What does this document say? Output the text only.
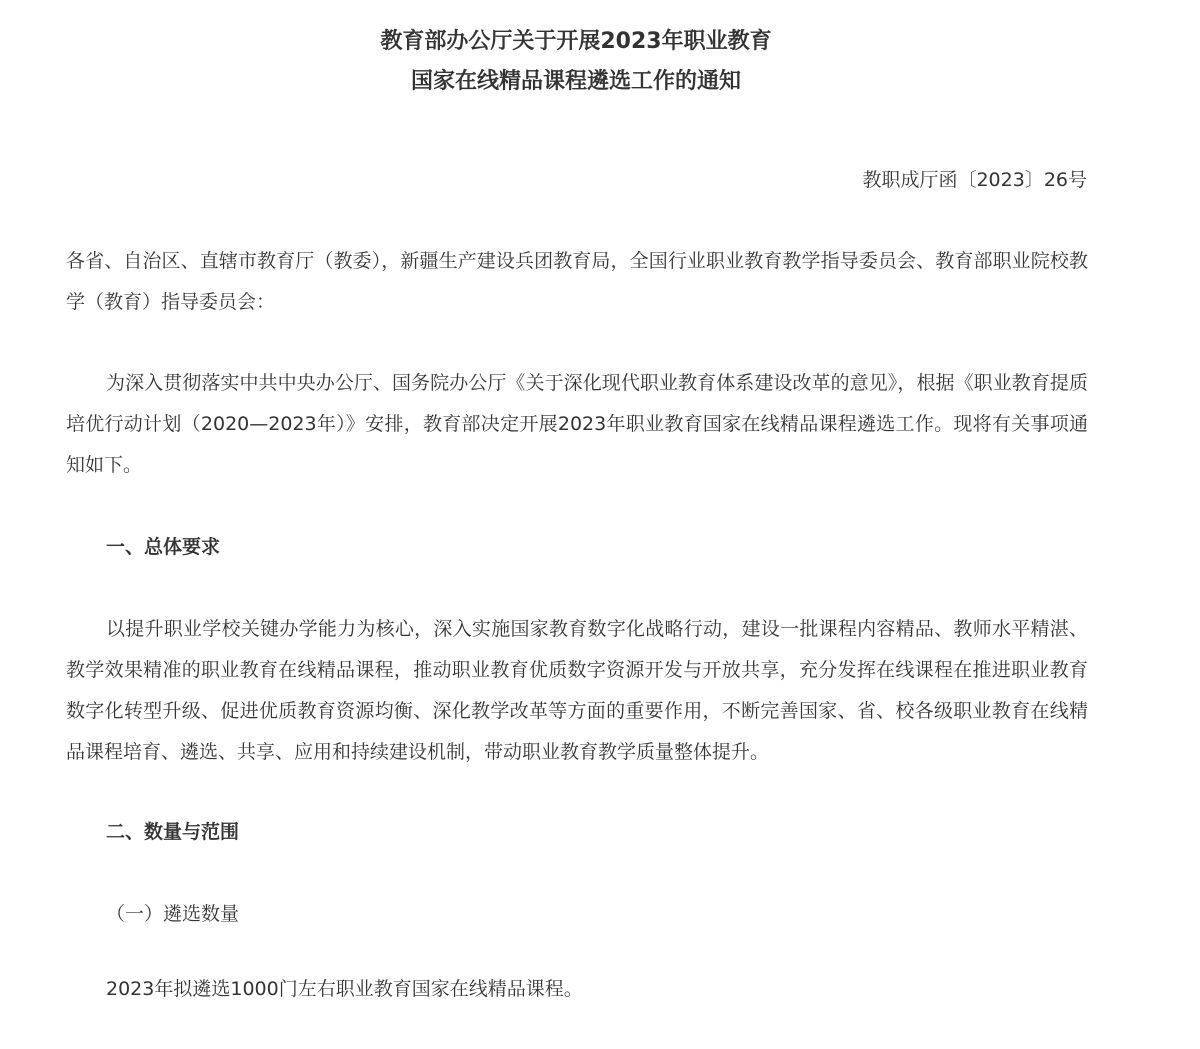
教育部办公厅关于开展2023年职业教育
国家在线精品课程遴选工作的通知
教职成厅函〔2023〕26号
各省、自治区、直辖市教育厅（教委），新疆生产建设兵团教育局，全国行业职业教育教学指导委员会、教育部职业院校教学（教育）指导委员会：
为深入贯彻落实中共中央办公厅、国务院办公厅《关于深化现代职业教育体系建设改革的意见》，根据《职业教育提质培优行动计划（2020—2023年）》安排，教育部决定开展2023年职业教育国家在线精品课程遴选工作。现将有关事项通知如下。
一、总体要求
以提升职业学校关键办学能力为核心，深入实施国家教育数字化战略行动，建设一批课程内容精品、教师水平精湛、教学效果精准的职业教育在线精品课程，推动职业教育优质数字资源开发与开放共享，充分发挥在线课程在推进职业教育数字化转型升级、促进优质教育资源均衡、深化教学改革等方面的重要作用，不断完善国家、省、校各级职业教育在线精品课程培育、遴选、共享、应用和持续建设机制，带动职业教育教学质量整体提升。
二、数量与范围
（一）遴选数量
2023年拟遴选1000门左右职业教育国家在线精品课程。
